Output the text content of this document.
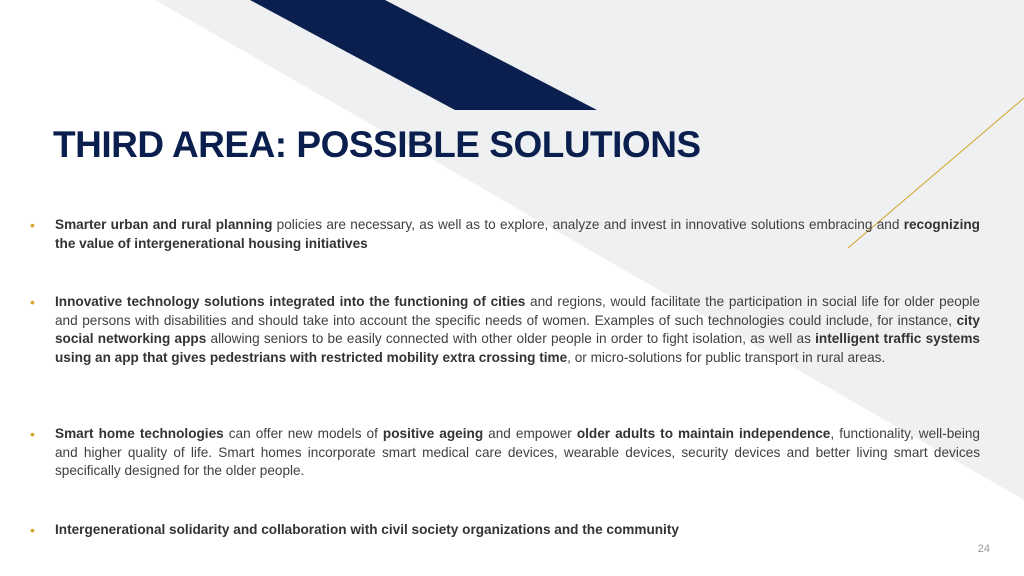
THIRD AREA: POSSIBLE SOLUTIONS
• Smarter urban and rural planning policies are necessary, as well as to explore, analyze and invest in innovative solutions embracing and recognizing the value of intergenerational housing initiatives
• Innovative technology solutions integrated into the functioning of cities and regions, would facilitate the participation in social life for older people and persons with disabilities and should take into account the specific needs of women. Examples of such technologies could include, for instance, city social networking apps allowing seniors to be easily connected with other older people in order to fight isolation, as well as intelligent traffic systems using an app that gives pedestrians with restricted mobility extra crossing time, or micro-solutions for public transport in rural areas.
• Smart home technologies can offer new models of positive ageing and empower older adults to maintain independence, functionality, well-being and higher quality of life. Smart homes incorporate smart medical care devices, wearable devices, security devices and better living smart devices specifically designed for the older people.
• Intergenerational solidarity and collaboration with civil society organizations and the community
24
